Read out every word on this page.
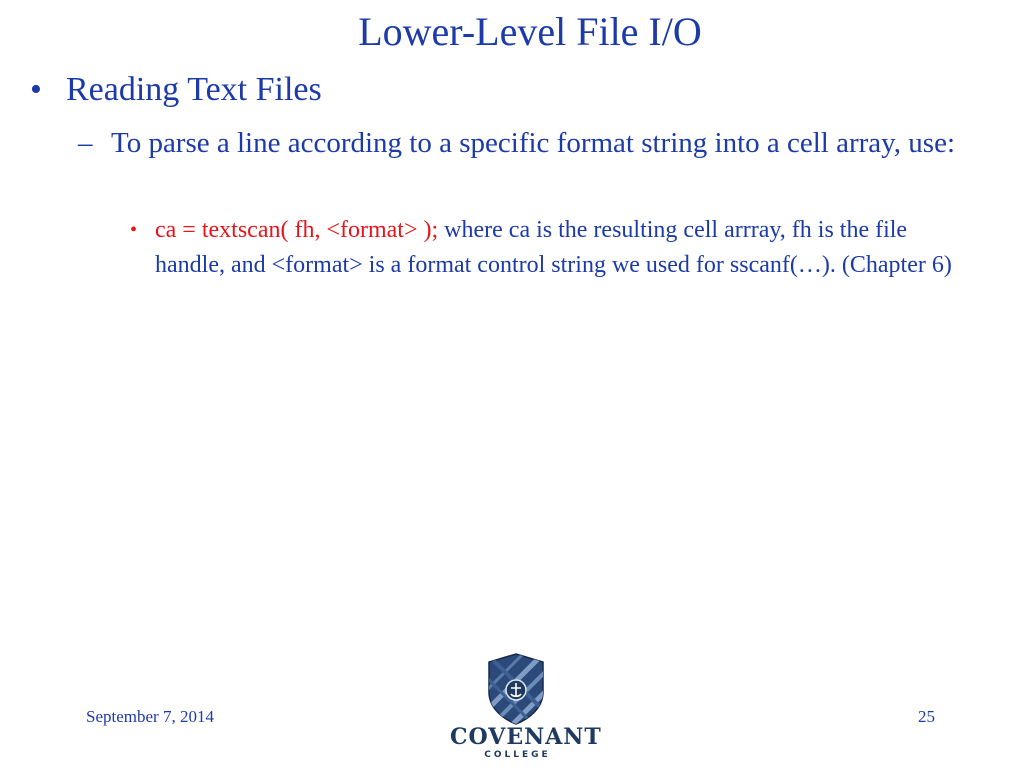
Lower-Level File I/O
• Reading Text Files
– To parse a line according to a specific format string into a cell array, use:
• ca = textscan( fh, <format> ); where ca is the resulting cell arrray, fh is the file handle, and <format> is a format control string we used for sscanf(…). (Chapter 6)
September 7, 2014	25
COVENANT
COLLEGE
